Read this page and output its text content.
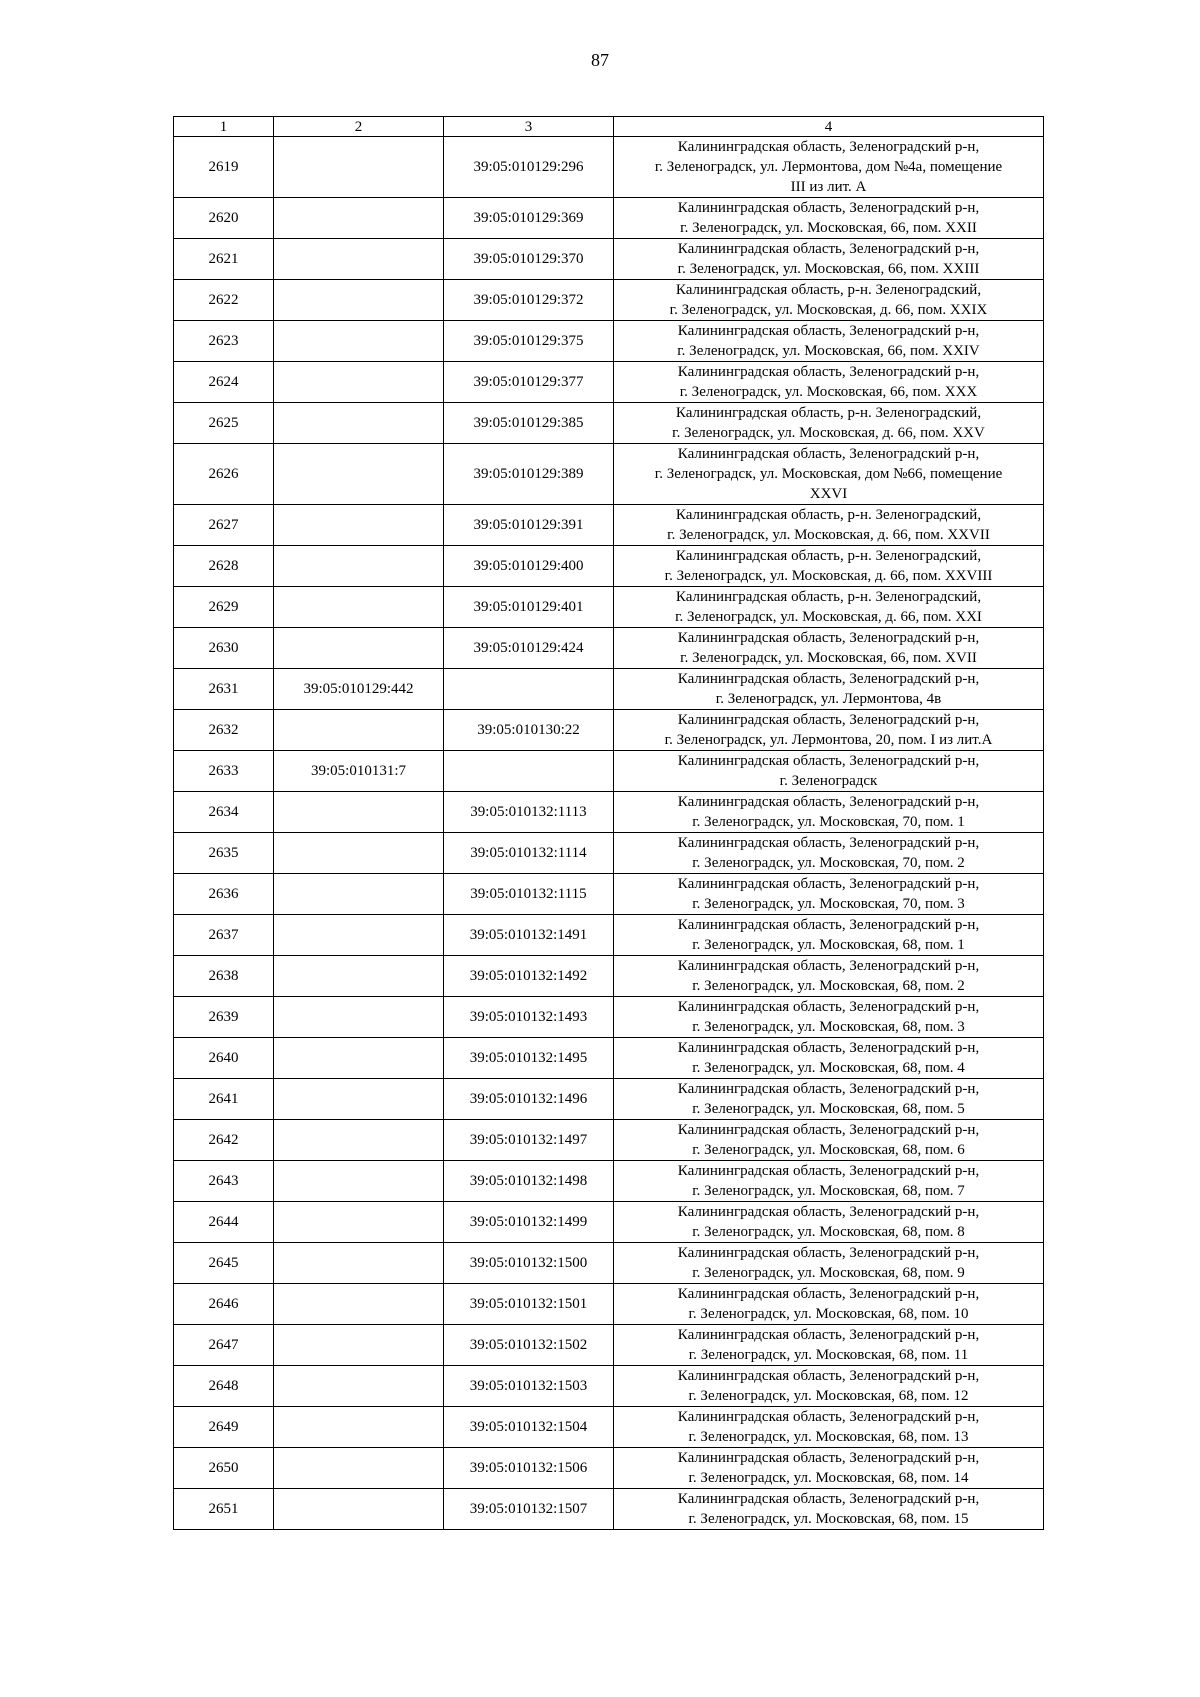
87
1	2	3	4
2619		39:05:010129:296	Калининградская область, Зеленоградский р-н,
г. Зеленоградск, ул. Лермонтова, дом №4а, помещение
III из лит. А

2620		39:05:010129:369	Калининградская область, Зеленоградский р-н,
г. Зеленоградск, ул. Московская, 66, пом. XXII

2621		39:05:010129:370	Калининградская область, Зеленоградский р-н,
г. Зеленоградск, ул. Московская, 66, пом. XXIII

2622		39:05:010129:372	Калининградская область, р-н. Зеленоградский,
г. Зеленоградск, ул. Московская, д. 66, пом. XXIX

2623		39:05:010129:375	Калининградская область, Зеленоградский р-н,
г. Зеленоградск, ул. Московская, 66, пом. XXIV

2624		39:05:010129:377	Калининградская область, Зеленоградский р-н,
г. Зеленоградск, ул. Московская, 66, пом. XXX

2625		39:05:010129:385	Калининградская область, р-н. Зеленоградский,
г. Зеленоградск, ул. Московская, д. 66, пом. XXV

2626		39:05:010129:389	Калининградская область, Зеленоградский р-н,
г. Зеленоградск, ул. Московская, дом №66, помещение
XXVI

2627		39:05:010129:391	Калининградская область, р-н. Зеленоградский,
г. Зеленоградск, ул. Московская, д. 66, пом. XXVII

2628		39:05:010129:400	Калининградская область, р-н. Зеленоградский,
г. Зеленоградск, ул. Московская, д. 66, пом. XXVIII

2629		39:05:010129:401	Калининградская область, р-н. Зеленоградский,
г. Зеленоградск, ул. Московская, д. 66, пом. XXI

2630		39:05:010129:424	Калининградская область, Зеленоградский р-н,
г. Зеленоградск, ул. Московская, 66, пом. XVII

2631	39:05:010129:442		Калининградская область, Зеленоградский р-н,
г. Зеленоградск, ул. Лермонтова, 4в

2632		39:05:010130:22	Калининградская область, Зеленоградский р-н,
г. Зеленоградск, ул. Лермонтова, 20, пом. I из лит.А

2633	39:05:010131:7		Калининградская область, Зеленоградский р-н,
г. Зеленоградск

2634		39:05:010132:1113	Калининградская область, Зеленоградский р-н,
г. Зеленоградск, ул. Московская, 70, пом. 1

2635		39:05:010132:1114	Калининградская область, Зеленоградский р-н,
г. Зеленоградск, ул. Московская, 70, пом. 2

2636		39:05:010132:1115	Калининградская область, Зеленоградский р-н,
г. Зеленоградск, ул. Московская, 70, пом. 3

2637		39:05:010132:1491	Калининградская область, Зеленоградский р-н,
г. Зеленоградск, ул. Московская, 68, пом. 1

2638		39:05:010132:1492	Калининградская область, Зеленоградский р-н,
г. Зеленоградск, ул. Московская, 68, пом. 2

2639		39:05:010132:1493	Калининградская область, Зеленоградский р-н,
г. Зеленоградск, ул. Московская, 68, пом. 3

2640		39:05:010132:1495	Калининградская область, Зеленоградский р-н,
г. Зеленоградск, ул. Московская, 68, пом. 4

2641		39:05:010132:1496	Калининградская область, Зеленоградский р-н,
г. Зеленоградск, ул. Московская, 68, пом. 5

2642		39:05:010132:1497	Калининградская область, Зеленоградский р-н,
г. Зеленоградск, ул. Московская, 68, пом. 6

2643		39:05:010132:1498	Калининградская область, Зеленоградский р-н,
г. Зеленоградск, ул. Московская, 68, пом. 7

2644		39:05:010132:1499	Калининградская область, Зеленоградский р-н,
г. Зеленоградск, ул. Московская, 68, пом. 8

2645		39:05:010132:1500	Калининградская область, Зеленоградский р-н,
г. Зеленоградск, ул. Московская, 68, пом. 9

2646		39:05:010132:1501	Калининградская область, Зеленоградский р-н,
г. Зеленоградск, ул. Московская, 68, пом. 10

2647		39:05:010132:1502	Калининградская область, Зеленоградский р-н,
г. Зеленоградск, ул. Московская, 68, пом. 11

2648		39:05:010132:1503	Калининградская область, Зеленоградский р-н,
г. Зеленоградск, ул. Московская, 68, пом. 12

2649		39:05:010132:1504	Калининградская область, Зеленоградский р-н,
г. Зеленоградск, ул. Московская, 68, пом. 13

2650		39:05:010132:1506	Калининградская область, Зеленоградский р-н,
г. Зеленоградск, ул. Московская, 68, пом. 14

2651		39:05:010132:1507	Калининградская область, Зеленоградский р-н,
г. Зеленоградск, ул. Московская, 68, пом. 15
